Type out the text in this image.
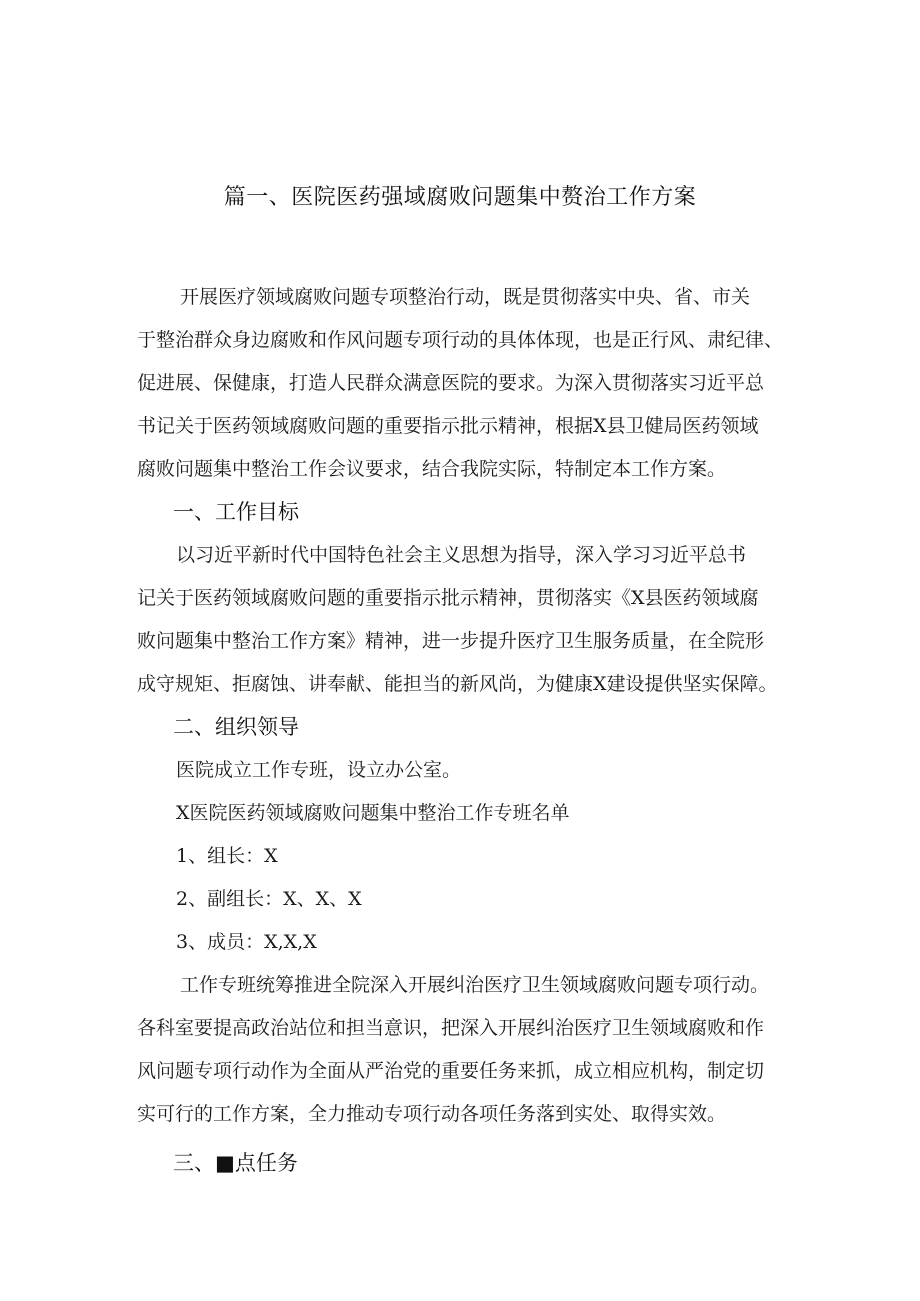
篇一、医院医药强域腐败问题集中赘治工作方案
开展医疗领域腐败问题专项整治行动，既是贯彻落实中央、省、市关
于整治群众身边腐败和作风问题专项行动的具体体现，也是正行风、肃纪律、
促进展、保健康，打造人民群众满意医院的要求。为深入贯彻落实习近平总
书记关于医药领域腐败问题的重要指示批示精神，根据X县卫健局医药领域
腐败问题集中整治工作会议要求，结合我院实际，特制定本工作方案。
一、工作目标
以习近平新时代中国特色社会主义思想为指导，深入学习习近平总书
记关于医药领域腐败问题的重要指示批示精神，贯彻落实《X县医药领域腐
败问题集中整治工作方案》精神，进一步提升医疗卫生服务质量，在全院形
成守规矩、拒腐蚀、讲奉献、能担当的新风尚，为健康X建设提供坚实保障。
二、组织领导
医院成立工作专班，设立办公室。
X医院医药领域腐败问题集中整治工作专班名单
1、组长：X
2、副组长：X、X、X
3、成员：X,X,X
工作专班统筹推进全院深入开展纠治医疗卫生领域腐败问题专项行动。
各科室要提高政治站位和担当意识，把深入开展纠治医疗卫生领域腐败和作
风问题专项行动作为全面从严治党的重要任务来抓，成立相应机构，制定切
实可行的工作方案，全力推动专项行动各项任务落到实处、取得实效。
三、■点任务
